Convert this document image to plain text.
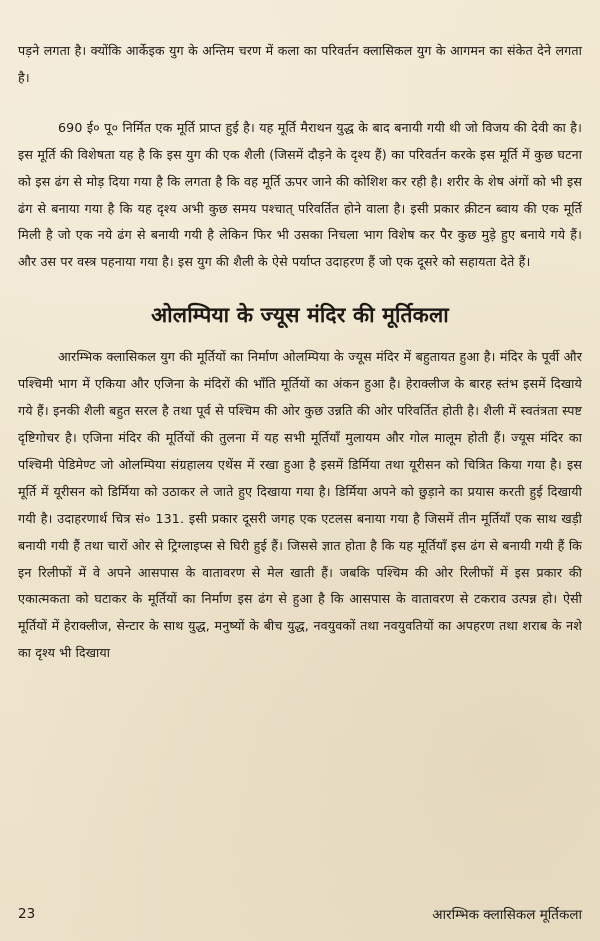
पड़ने लगता है। क्योंकि आर्केइक युग के अन्तिम चरण में कला का परिवर्तन क्लासिकल युग के आगमन का संकेत देने लगता है।

690 ई० पू० निर्मित एक मूर्ति प्राप्त हुई है। यह मूर्ति मैराथन युद्ध के बाद बनायी गयी थी जो विजय की देवी का है। इस मूर्ति की विशेषता यह है कि इस युग की एक शैली (जिसमें दौड़ने के दृश्य हैं) का परिवर्तन करके इस मूर्ति में कुछ घटना को इस ढंग से मोड़ दिया गया है कि लगता है कि वह मूर्ति ऊपर जाने की कोशिश कर रही है। शरीर के शेष अंगों को भी इस ढंग से बनाया गया है कि यह दृश्य अभी कुछ समय पश्चात् परिवर्तित होने वाला है। इसी प्रकार क्रीटन ब्वाय की एक मूर्ति मिली है जो एक नये ढंग से बनायी गयी है लेकिन फिर भी उसका निचला भाग विशेष कर पैर कुछ मुड़े हुए बनाये गये हैं। और उस पर वस्त्र पहनाया गया है। इस युग की शैली के ऐसे पर्याप्त उदाहरण हैं जो एक दूसरे को सहायता देते हैं।

ओलम्पिया के ज्यूस मंदिर की मूर्तिकला

आरम्भिक क्लासिकल युग की मूर्तियों का निर्माण ओलम्पिया के ज्यूस मंदिर में बहुतायत हुआ है। मंदिर के पूर्वी और पश्चिमी भाग में एकिया और एजिना के मंदिरों की भाँति मूर्तियों का अंकन हुआ है। हेराक्लीज के बारह स्तंभ इसमें दिखाये गये हैं। इनकी शैली बहुत सरल है तथा पूर्व से पश्चिम की ओर कुछ उन्नति की ओर परिवर्तित होती है। शैली में स्वतंत्रता स्पष्ट दृष्टिगोचर है। एजिना मंदिर की मूर्तियों की तुलना में यह सभी मूर्तियाँ मुलायम और गोल मालूम होती हैं। ज्यूस मंदिर का पश्चिमी पेडिमेण्ट जो ओलम्पिया संग्रहालय एथेंस में रखा हुआ है इसमें डिर्मिया तथा यूरीसन को चित्रित किया गया है। इस मूर्ति में यूरीसन को डिर्मिया को उठाकर ले जाते हुए दिखाया गया है। डिर्मिया अपने को छुड़ाने का प्रयास करती हुई दिखायी गयी है। उदाहरणार्थ चित्र सं० 131. इसी प्रकार दूसरी जगह एक एटलस बनाया गया है जिसमें तीन मूर्तियाँ एक साथ खड़ी बनायी गयी हैं तथा चारों ओर से ट्रिग्लाइप्स से घिरी हुई हैं। जिससे ज्ञात होता है कि यह मूर्तियाँ इस ढंग से बनायी गयी हैं कि इन रिलीफों में वे अपने आसपास के वातावरण से मेल खाती हैं। जबकि पश्चिम की ओर रिलीफों में इस प्रकार की एकात्मकता को घटाकर के मूर्तियों का निर्माण इस ढंग से हुआ है कि आसपास के वातावरण से टकराव उत्पन्न हो। ऐसी मूर्तियों में हेराक्लीज, सेन्टार के साथ युद्ध, मनुष्यों के बीच युद्ध, नवयुवकों तथा नवयुवतियों का अपहरण तथा शराब के नशे का दृश्य भी दिखाया

23	आरम्भिक क्लासिकल मूर्तिकला
